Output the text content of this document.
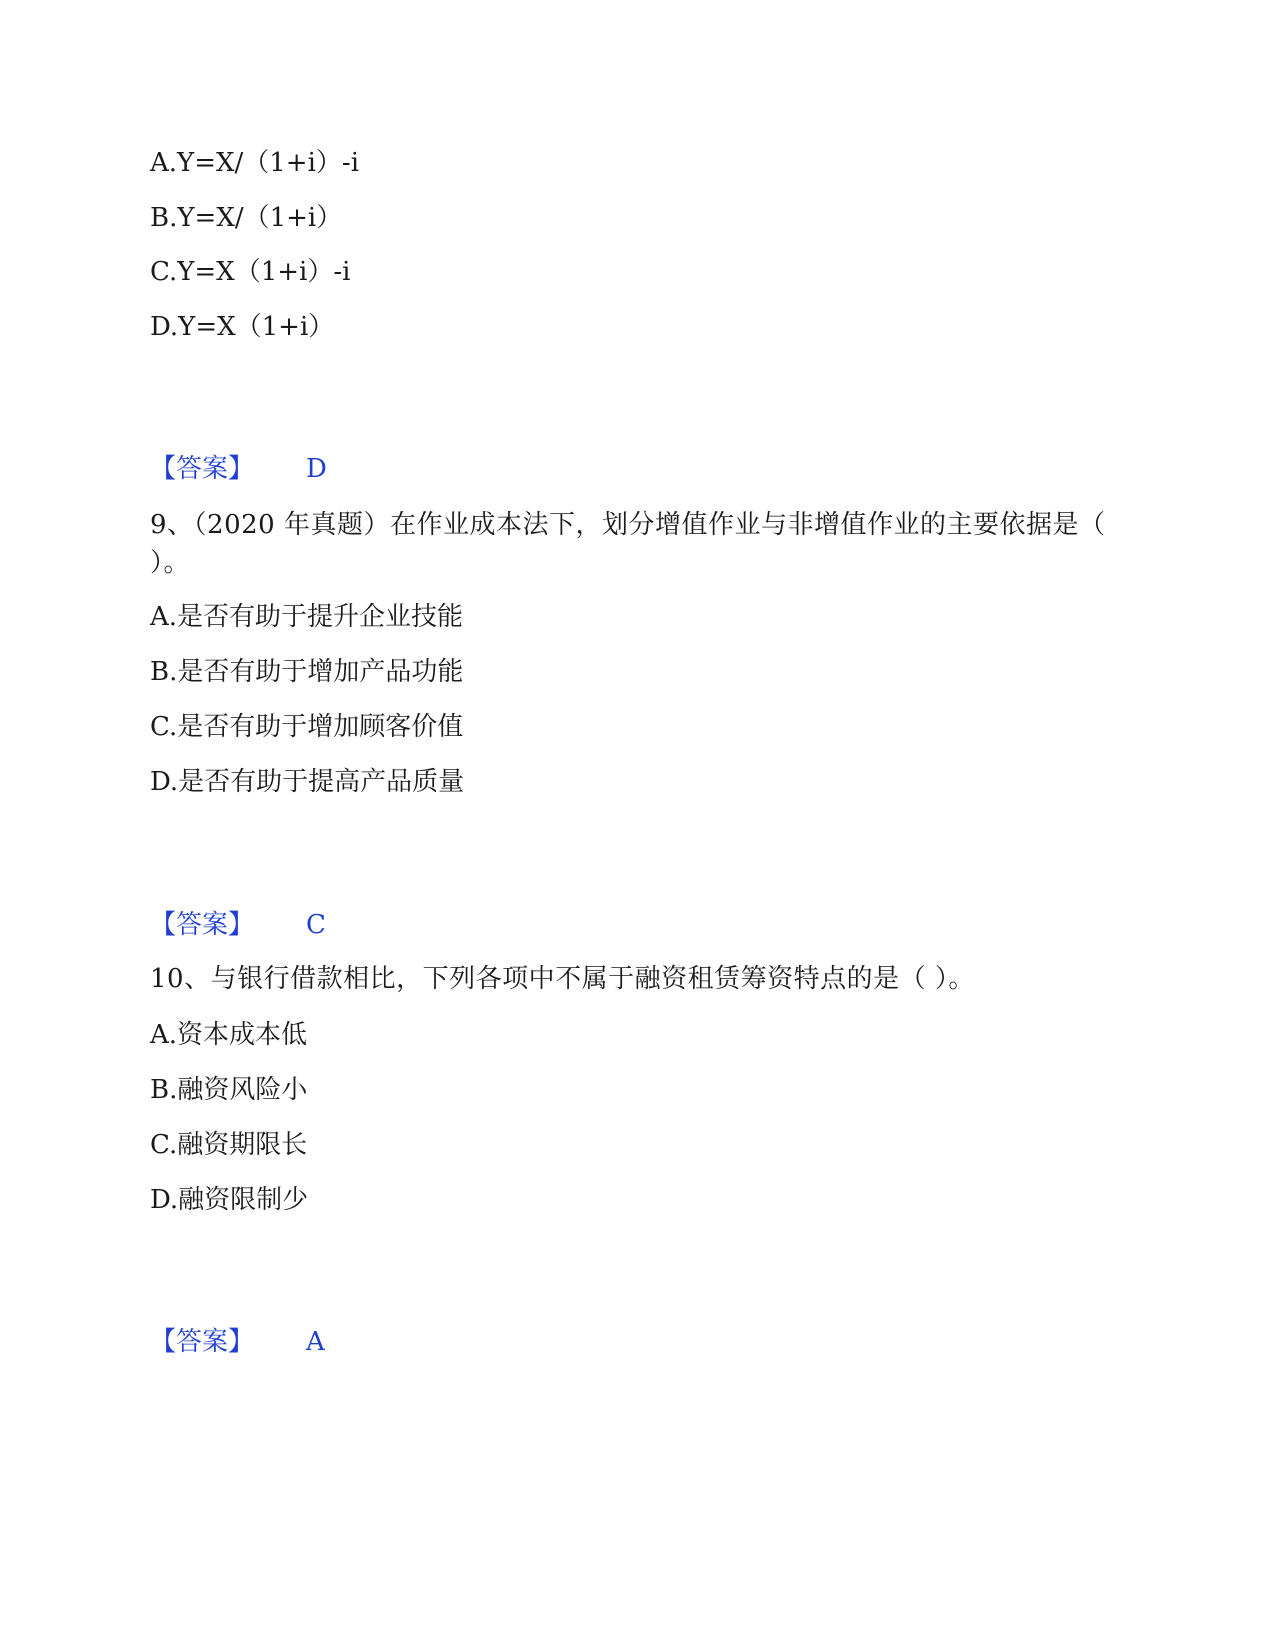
A.Y=X/（1+i）-i
B.Y=X/（1+i）
C.Y=X（1+i）-i
D.Y=X（1+i）
【答案】 D
9、（2020 年真题）在作业成本法下，划分增值作业与非增值作业的主要依据是（ ）。
A.是否有助于提升企业技能
B.是否有助于增加产品功能
C.是否有助于增加顾客价值
D.是否有助于提高产品质量
【答案】 C
10、与银行借款相比，下列各项中不属于融资租赁筹资特点的是（ ）。
A.资本成本低
B.融资风险小
C.融资期限长
D.融资限制少
【答案】 A
